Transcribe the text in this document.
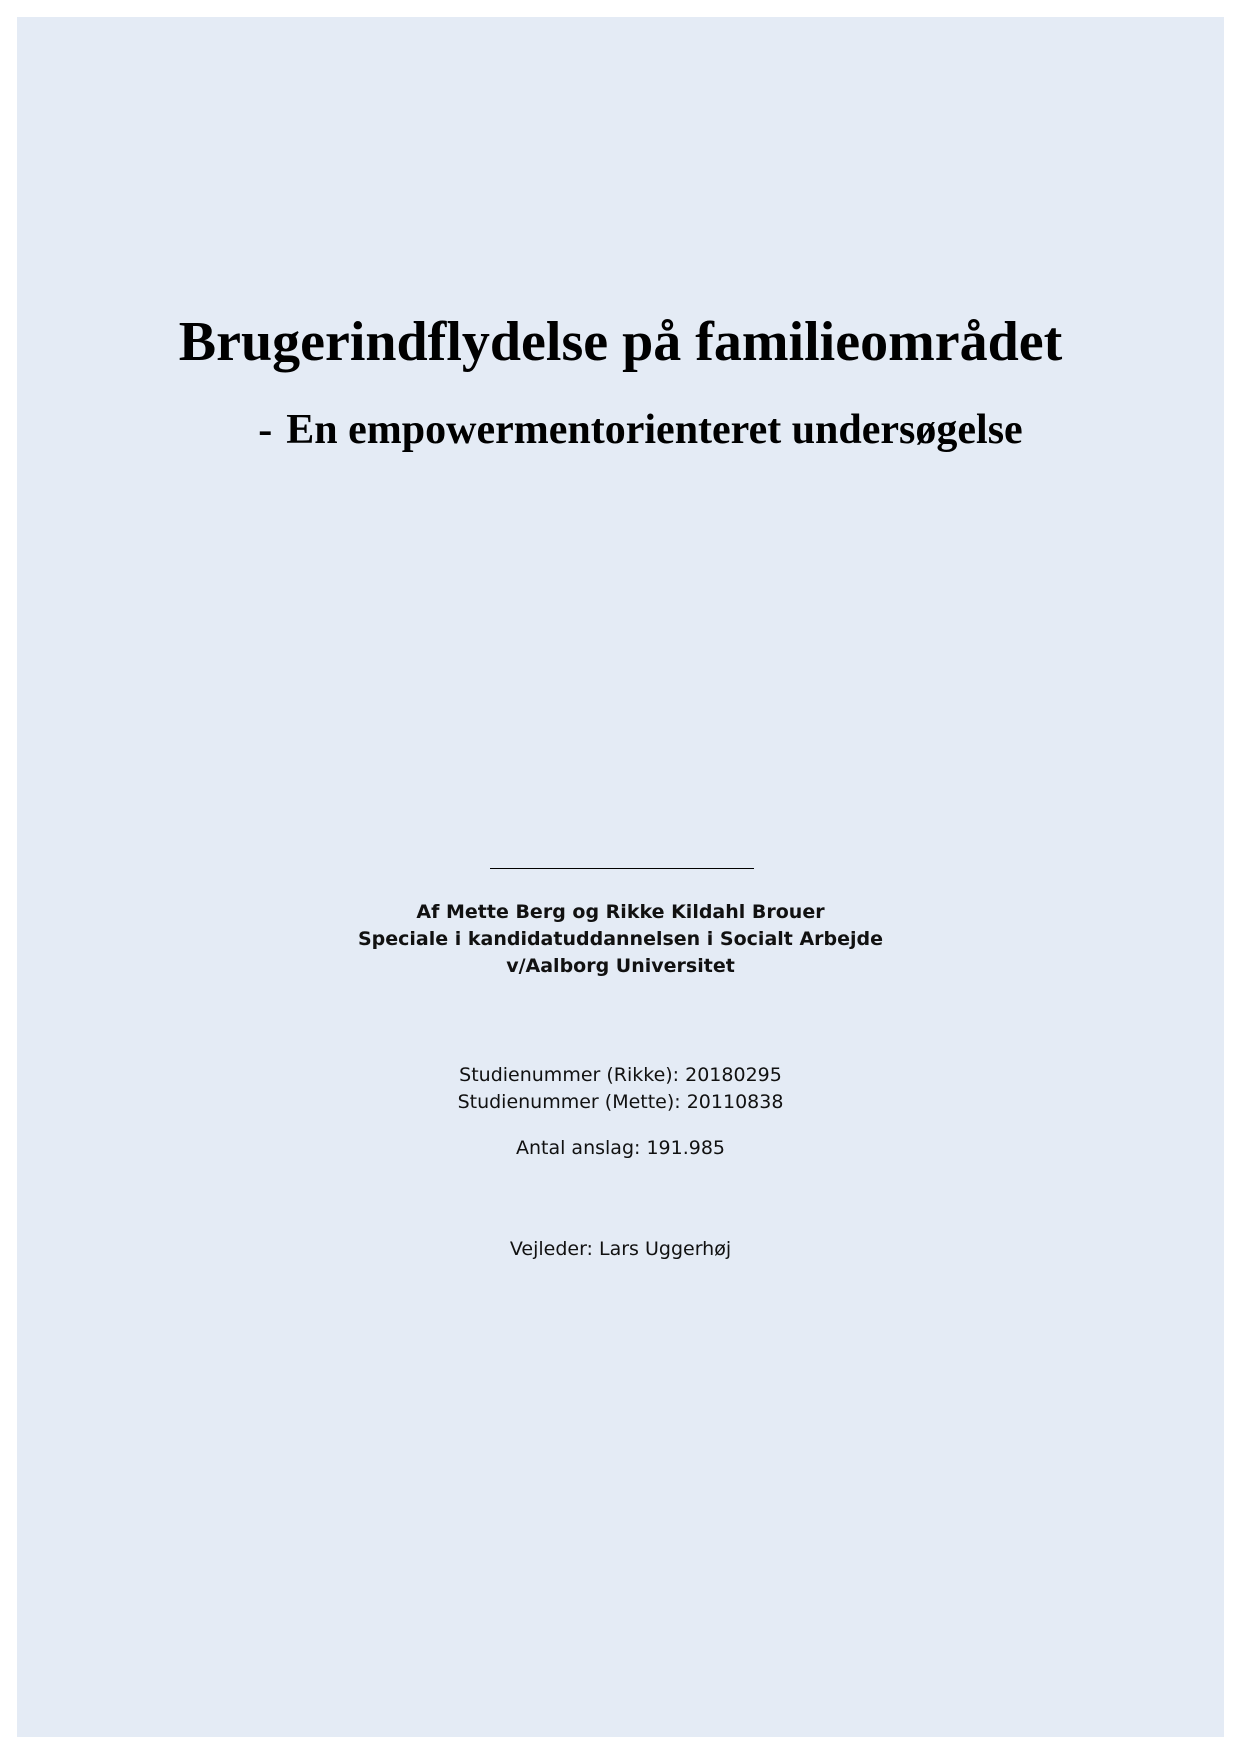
Brugerindflydelse på familieområdet
- En empowermentorienteret undersøgelse
Af Mette Berg og Rikke Kildahl Brouer
Speciale i kandidatuddannelsen i Socialt Arbejde
v/Aalborg Universitet
Studienummer (Rikke): 20180295
Studienummer (Mette): 20110838
Antal anslag: 191.985
Vejleder: Lars Uggerhøj
